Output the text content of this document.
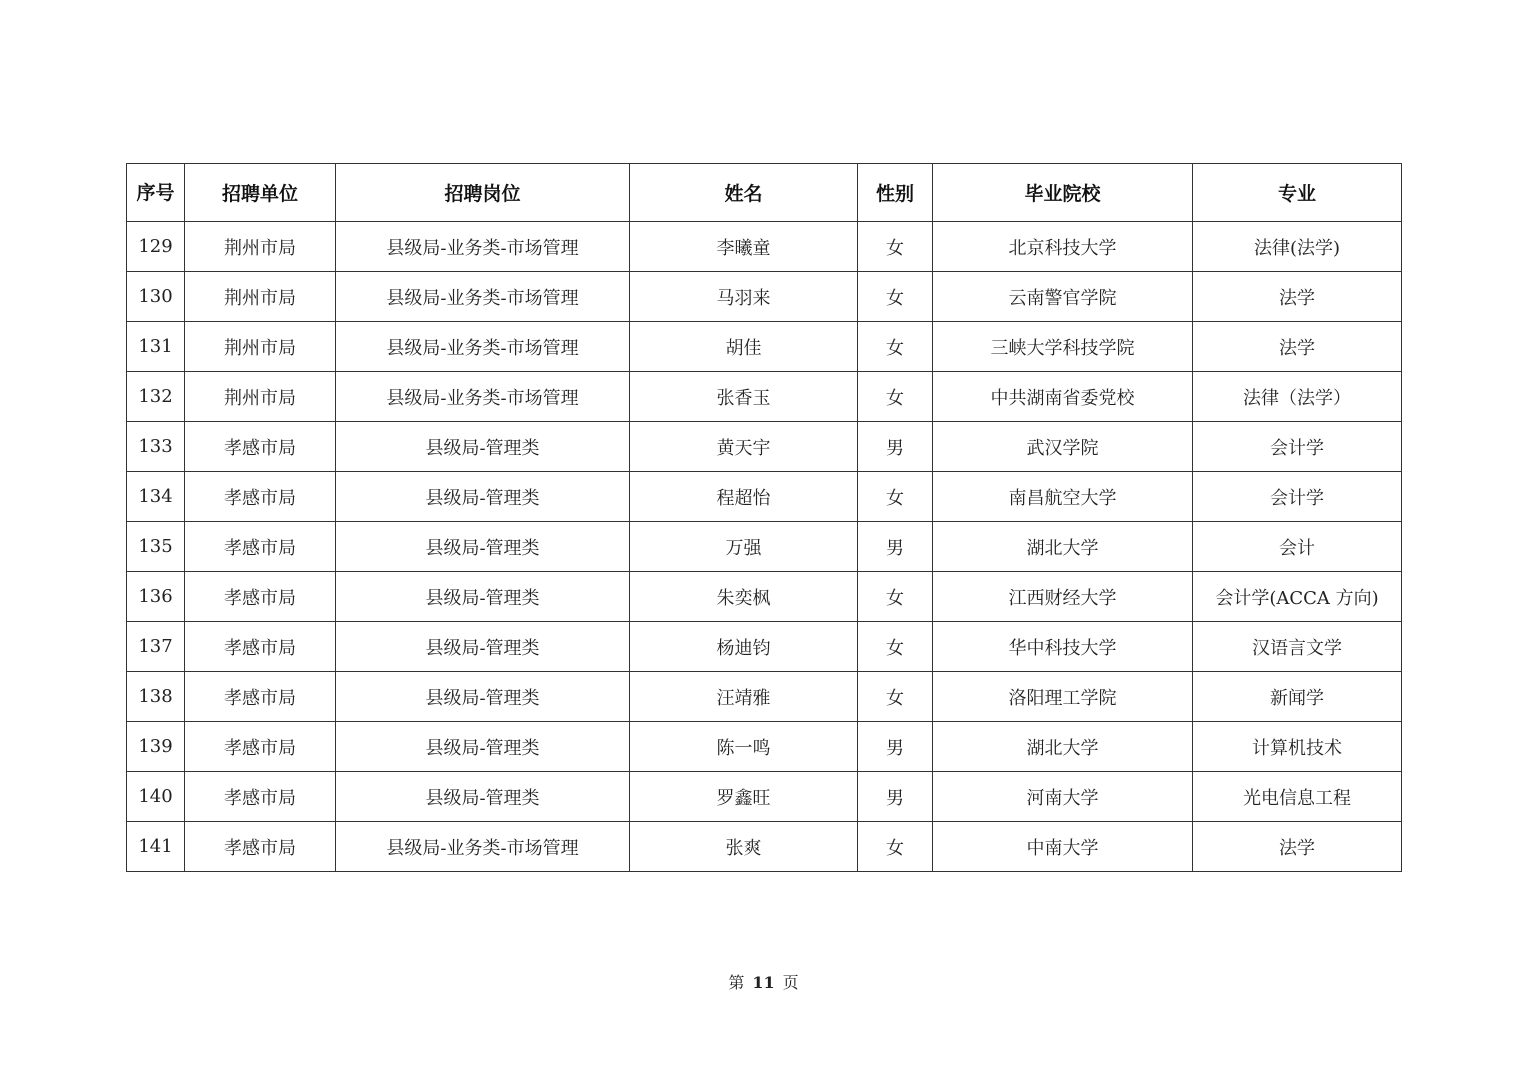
序号	招聘单位	招聘岗位	姓名	性别	毕业院校	专业
129	荆州市局	县级局-业务类-市场管理	李曦童	女	北京科技大学	法律(法学)
130	荆州市局	县级局-业务类-市场管理	马羽来	女	云南警官学院	法学
131	荆州市局	县级局-业务类-市场管理	胡佳	女	三峡大学科技学院	法学
132	荆州市局	县级局-业务类-市场管理	张香玉	女	中共湖南省委党校	法律（法学）
133	孝感市局	县级局-管理类	黄天宇	男	武汉学院	会计学
134	孝感市局	县级局-管理类	程超怡	女	南昌航空大学	会计学
135	孝感市局	县级局-管理类	万强	男	湖北大学	会计
136	孝感市局	县级局-管理类	朱奕枫	女	江西财经大学	会计学(ACCA 方向)
137	孝感市局	县级局-管理类	杨迪钧	女	华中科技大学	汉语言文学
138	孝感市局	县级局-管理类	汪靖雅	女	洛阳理工学院	新闻学
139	孝感市局	县级局-管理类	陈一鸣	男	湖北大学	计算机技术
140	孝感市局	县级局-管理类	罗鑫旺	男	河南大学	光电信息工程
141	孝感市局	县级局-业务类-市场管理	张爽	女	中南大学	法学
第 11 页
